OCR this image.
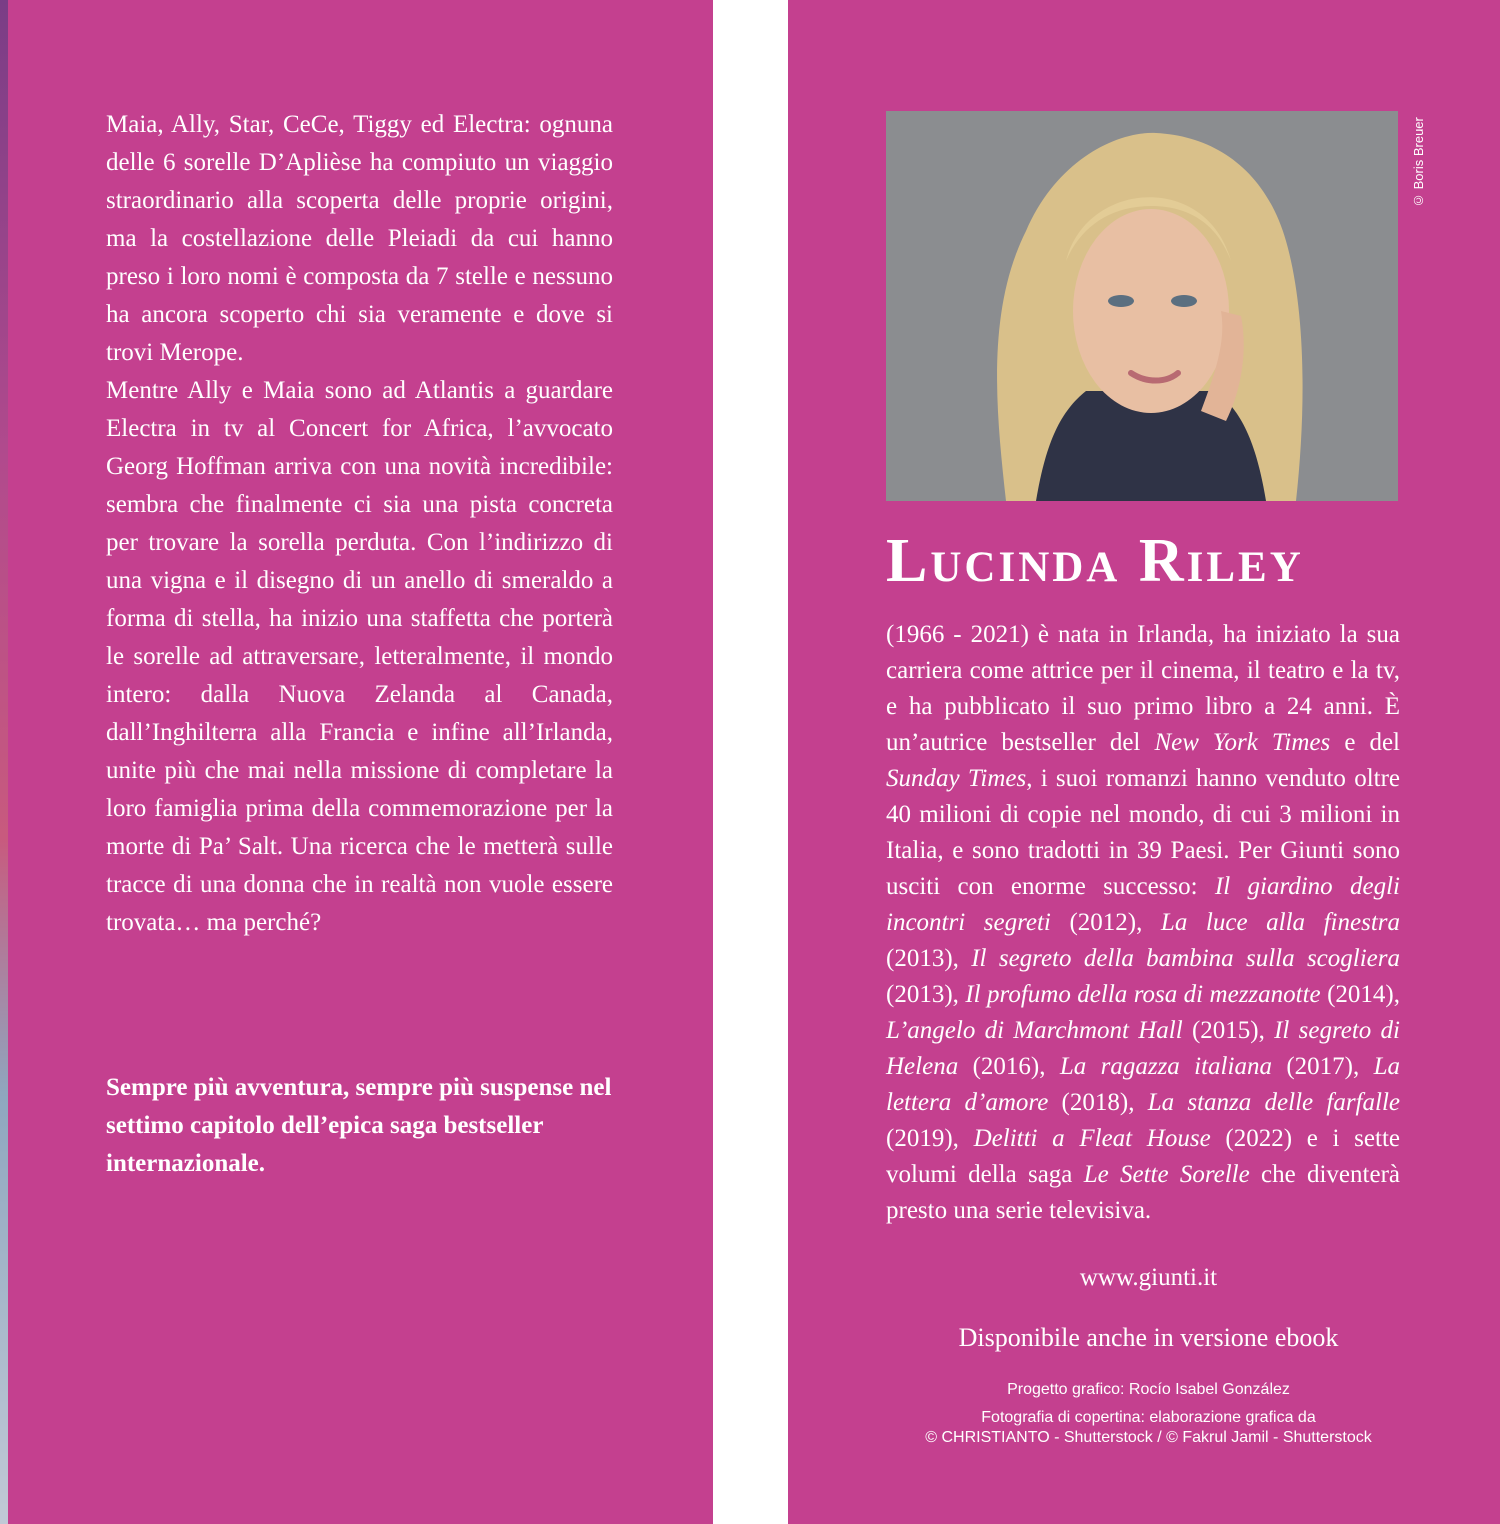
Maia, Ally, Star, CeCe, Tiggy ed Electra: ognuna delle 6 sorelle D’Aplièse ha compiuto un viaggio straordinario alla scoperta delle proprie origini, ma la costellazione delle Pleiadi da cui hanno preso i loro nomi è composta da 7 stelle e nessuno ha ancora scoperto chi sia veramente e dove si trovi Merope.

Mentre Ally e Maia sono ad Atlantis a guardare Electra in tv al Concert for Africa, l’avvocato Georg Hoffman arriva con una novità incredibile: sembra che finalmente ci sia una pista concreta per trovare la sorella perduta. Con l’indirizzo di una vigna e il disegno di un anello di smeraldo a forma di stella, ha inizio una staffetta che porterà le sorelle ad attraversare, letteralmente, il mondo intero: dalla Nuova Zelanda al Canada, dall’Inghilterra alla Francia e infine all’Irlanda, unite più che mai nella missione di completare la loro famiglia prima della commemorazione per la morte di Pa’ Salt. Una ricerca che le metterà sulle tracce di una donna che in realtà non vuole essere trovata… ma perché?

Sempre più avventura, sempre più suspense nel settimo capitolo dell’epica saga bestseller internazionale.

© Boris Breuer
Lucinda Riley

(1966 - 2021) è nata in Irlanda, ha iniziato la sua carriera come attrice per il cinema, il teatro e la tv, e ha pubblicato il suo primo libro a 24 anni. È un’autrice bestseller del New York Times e del Sunday Times, i suoi romanzi hanno venduto oltre 40 milioni di copie nel mondo, di cui 3 milioni in Italia, e sono tradotti in 39 Paesi. Per Giunti sono usciti con enorme successo: Il giardino degli incontri segreti (2012), La luce alla finestra (2013), Il segreto della bambina sulla scogliera (2013), Il profumo della rosa di mezzanotte (2014), L’angelo di Marchmont Hall (2015), Il segreto di Helena (2016), La ragazza italiana (2017), La lettera d’amore (2018), La stanza delle farfalle (2019), Delitti a Fleat House (2022) e i sette volumi della saga Le Sette Sorelle che diventerà presto una serie televisiva.

www.giunti.it

Disponibile anche in versione ebook

Progetto grafico: Rocío Isabel González
Fotografia di copertina: elaborazione grafica da
© CHRISTIANTO - Shutterstock / © Fakrul Jamil - Shutterstock
